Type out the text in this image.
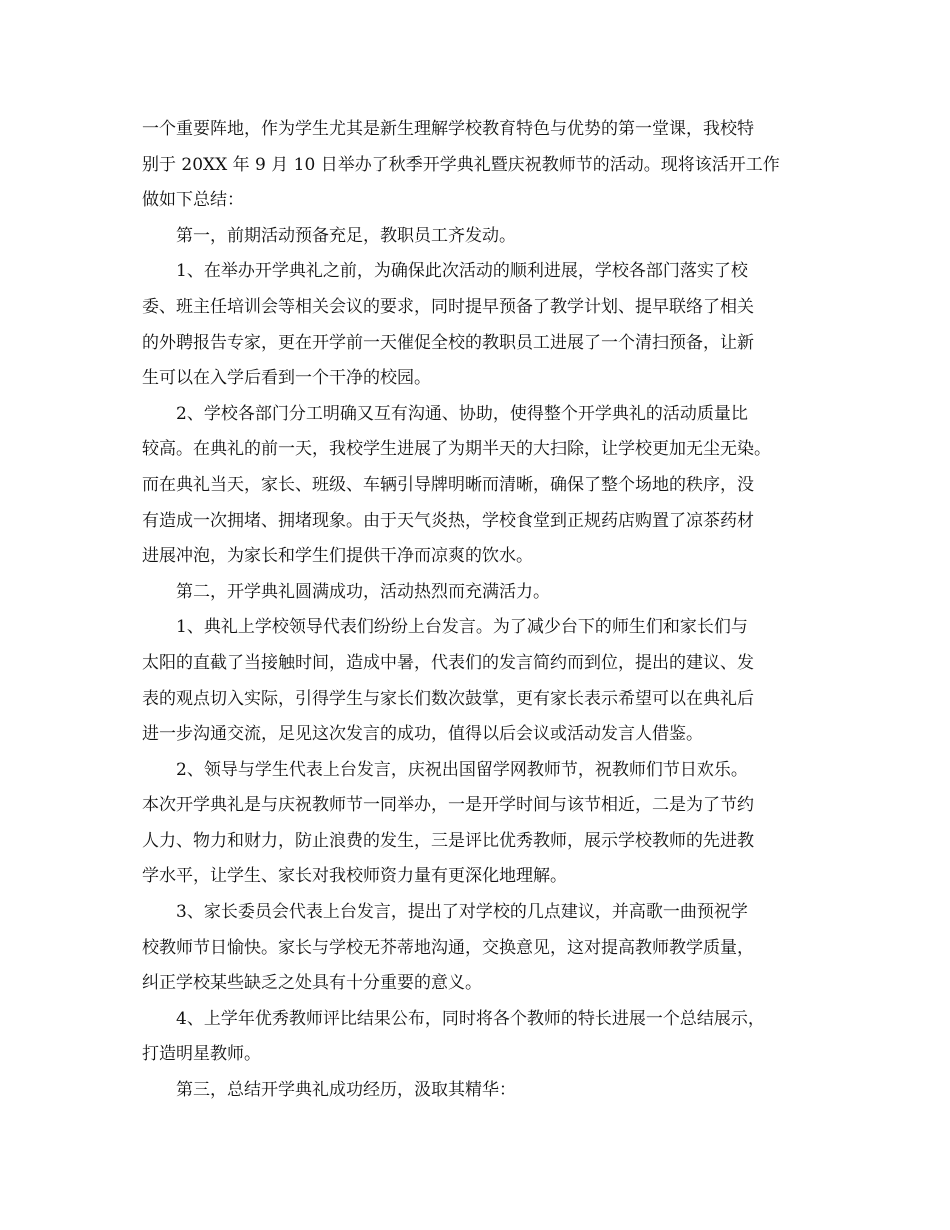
一个重要阵地，作为学生尤其是新生理解学校教育特色与优势的第一堂课，我校特
别于 20XX 年 9 月 10 日举办了秋季开学典礼暨庆祝教师节的活动。现将该活开工作
做如下总结：
第一，前期活动预备充足，教职员工齐发动。
1、在举办开学典礼之前，为确保此次活动的顺利进展，学校各部门落实了校
委、班主任培训会等相关会议的要求，同时提早预备了教学计划、提早联络了相关
的外聘报告专家，更在开学前一天催促全校的教职员工进展了一个清扫预备，让新
生可以在入学后看到一个干净的校园。
2、学校各部门分工明确又互有沟通、协助，使得整个开学典礼的活动质量比
较高。在典礼的前一天，我校学生进展了为期半天的大扫除，让学校更加无尘无染。
而在典礼当天，家长、班级、车辆引导牌明晰而清晰，确保了整个场地的秩序，没
有造成一次拥堵、拥堵现象。由于天气炎热，学校食堂到正规药店购置了凉茶药材
进展冲泡，为家长和学生们提供干净而凉爽的饮水。
第二，开学典礼圆满成功，活动热烈而充满活力。
1、典礼上学校领导代表们纷纷上台发言。为了减少台下的师生们和家长们与
太阳的直截了当接触时间，造成中暑，代表们的发言简约而到位，提出的建议、发
表的观点切入实际，引得学生与家长们数次鼓掌，更有家长表示希望可以在典礼后
进一步沟通交流，足见这次发言的成功，值得以后会议或活动发言人借鉴。
2、领导与学生代表上台发言，庆祝出国留学网教师节，祝教师们节日欢乐。
本次开学典礼是与庆祝教师节一同举办，一是开学时间与该节相近，二是为了节约
人力、物力和财力，防止浪费的发生，三是评比优秀教师，展示学校教师的先进教
学水平，让学生、家长对我校师资力量有更深化地理解。
3、家长委员会代表上台发言，提出了对学校的几点建议，并高歌一曲预祝学
校教师节日愉快。家长与学校无芥蒂地沟通，交换意见，这对提高教师教学质量，
纠正学校某些缺乏之处具有十分重要的意义。
4、上学年优秀教师评比结果公布，同时将各个教师的特长进展一个总结展示，
打造明星教师。
第三，总结开学典礼成功经历，汲取其精华：
